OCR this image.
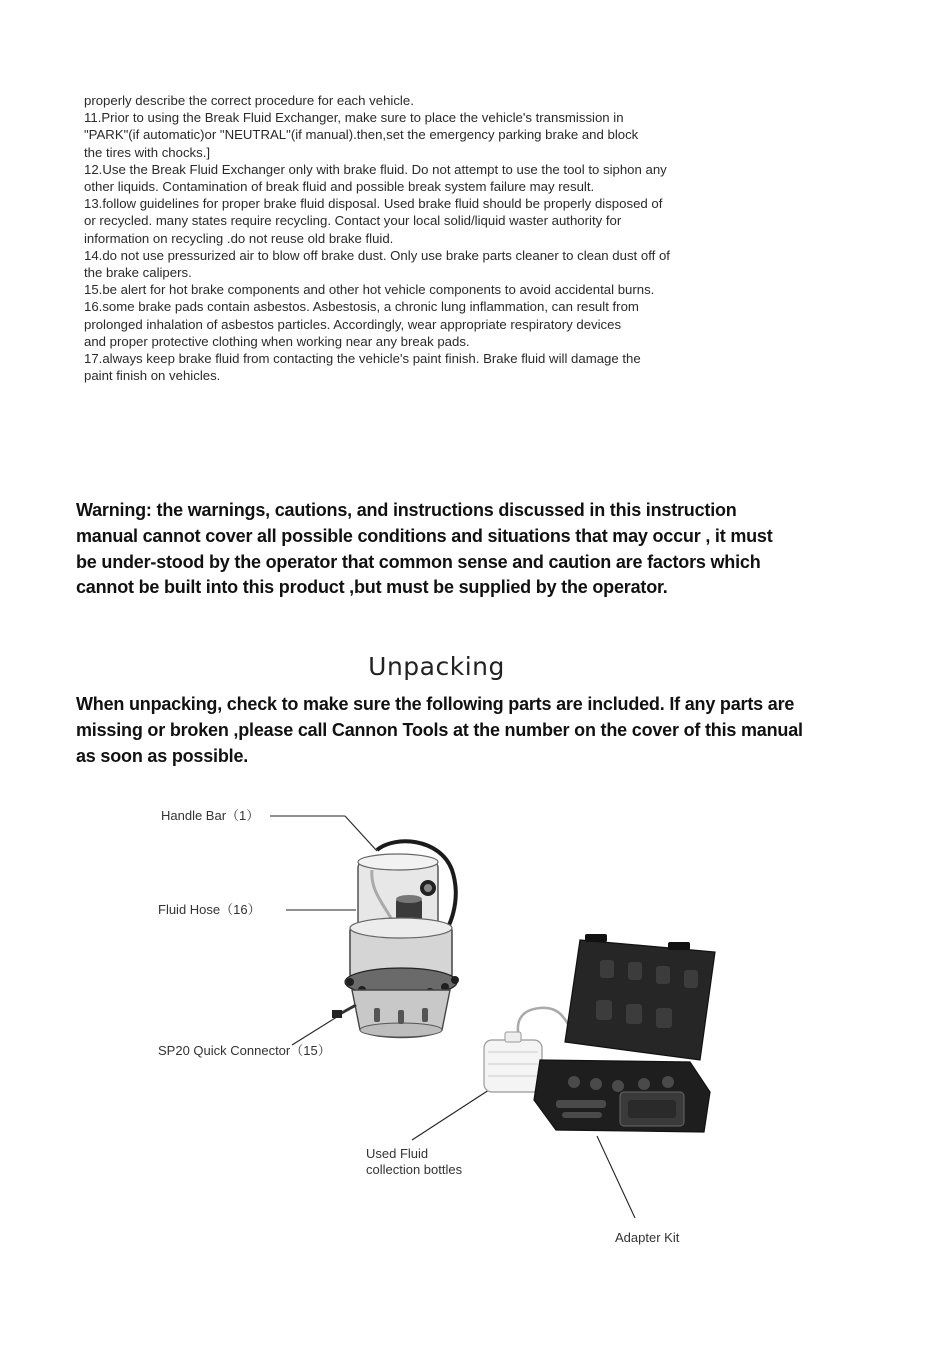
properly describe the correct procedure for each vehicle.

11.Prior to using the Break Fluid Exchanger, make sure to place the vehicle's transmission in
"PARK"(if automatic)or "NEUTRAL"(if manual).then,set the emergency parking brake and block
the tires with chocks.]

12.Use the Break Fluid Exchanger only with brake fluid. Do not attempt to use the tool to siphon any
other liquids. Contamination of break fluid and possible break system failure may result.

13.follow guidelines for proper brake fluid disposal. Used brake fluid should be properly disposed of
or recycled. many states require recycling. Contact your local solid/liquid waster authority for
information on recycling .do not reuse old brake fluid.

14.do not use pressurized air to blow off brake dust. Only use brake parts cleaner to clean dust off of
the brake calipers.

15.be alert for hot brake components and other hot vehicle components to avoid accidental burns.

16.some brake pads contain asbestos. Asbestosis, a chronic lung inflammation, can result from
prolonged inhalation of asbestos particles. Accordingly, wear appropriate respiratory devices
and proper protective clothing when working near any break pads.

17.always keep brake fluid from contacting the vehicle's paint finish. Brake fluid will damage the
paint finish on vehicles.

Warning: the warnings, cautions, and instructions discussed in this instruction manual cannot cover all possible conditions and situations that may occur , it must be under-stood by the operator that common sense and caution are factors which cannot be built into this product ,but must be supplied by the operator.
Unpacking
When unpacking, check to make sure the following parts are included. If any parts are missing or broken ,please call Cannon Tools at the number on the cover of this manual as soon as possible.
Handle Bar（1）
Fluid Hose（16）
SP20 Quick Connector（15）
Used Fluid
collection bottles
Adapter Kit
